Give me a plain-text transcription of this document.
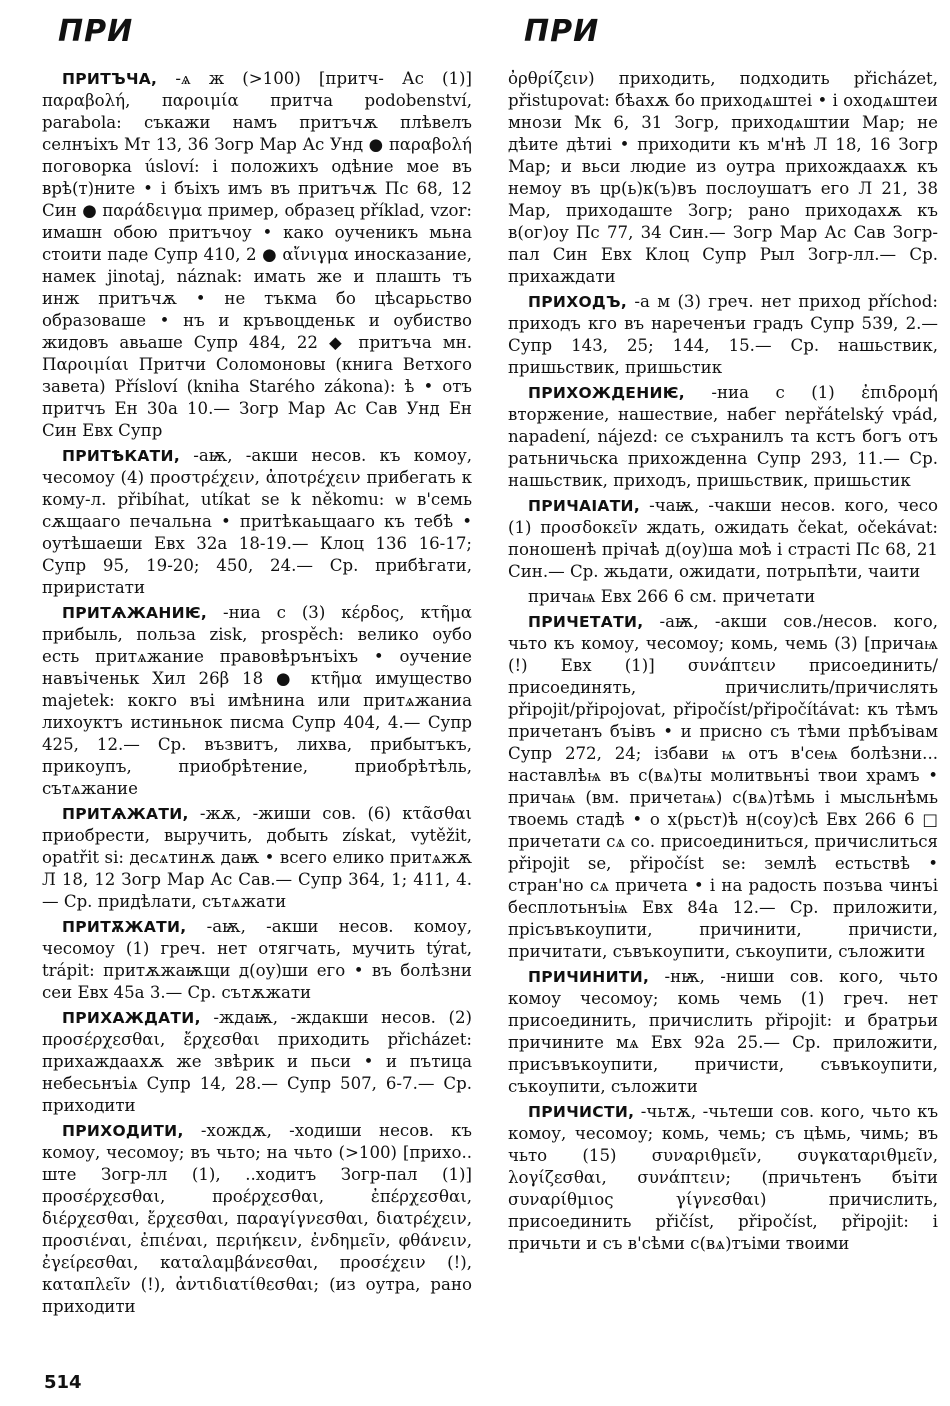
ПРИ	ПРИ

ПРИТЪЧА, -ѧ ж (>100) [притч- Ас (1)] παραβολή, παροιμία притча podobenství, parabola: съкажи намъ притъчѫ плѣвелъ селнъіхъ Мт 13, 36 Зогр Мар Ас Унд ● παραβολή поговорка úsloví: і положихъ одѣние мое въ врѣ(т)ните • і бъіхъ имъ въ притъчѫ Пс 68, 12 Син ● παράδειγμα пример, образец příklad, vzor: имашн обою притъчоу • како оученикъ мьна стоити паде Супр 410, 2 ● αἴνιγμα иносказание, намек jinotaj, náznak: имать же и плашть тъ инж притъчѫ • не тъкма бо цѣсарьство образоваше • нъ и кръвоцденьк и оубиство жидовъ авьаше Супр 484, 22 ◆ притъча мн. Παροιμίαι Притчи Соломоновы (книга Ветхого завета) Přísloví (kniha Starého zákona): ѣ • отъ притчъ Ен 30а 10.— Зогр Мар Ас Сав Унд Ен Син Евх Супр

ПРИТѢКАТИ, -аѭ, -акши несов. къ комоу, чесомоу (4) προστρέχειν, ἀποτρέχειν прибегать к кому-л. přibíhat, utíkat se k někomu: ѡ в'семь сѫщааго печальна • притѣкаьщааго къ тебѣ • оутѣшаеши Евх 32а 18-19.— Клоц 136 16-17; Супр 95, 19-20; 450, 24.— Ср. прибѣгати, приристати

ПРИТѦЖАНИѤ, -ниа с (3) κέρδος, κτῆμα прибыль, польза zisk, prospěch: велико оубо есть притѧжание правовѣрънъіхъ • оучение навъіченьк Хил 26β 18 ● κτῆμα имущество majetek: кокго въі имѣнина или притѧжаниа лихоуктъ истиньнок писма Супр 404, 4.— Супр 425, 12.— Ср. възвитъ, лихва, прибытъкъ, прикоупъ, приобрѣтение, приобрѣтѣль, сътѧжание

ПРИТѦЖАТИ, -жѫ, -жиши сов. (6) κτᾶσθαι приобрести, выручить, добыть získat, vytěžit, opatřit si: десѧтинѫ даѭ • всего елико притѧжѫ Л 18, 12 Зогр Мар Ас Сав.— Супр 364, 1; 411, 4.— Ср. придѣлати, сътѧжати

ПРИТѪЖАТИ, -аѭ, -акши несов. комоу, чесомоу (1) греч. нет отягчать, мучить týrat, trápit: притѫжаѭщи д(оу)ши его • въ болѣзни сеи Евх 45а 3.— Ср. сътѫжати

ПРИХАЖДАТИ, -ждаѭ, -ждакши несов. (2) προσέρχεσθαι, ἔρχεσθαι приходить přicházet: прихаждаахѫ же звѣрик и пьси • и пътица небесьнъіѧ Супр 14, 28.— Супр 507, 6-7.— Ср. приходити

ПРИХОДИТИ, -хождѫ, -ходиши несов. къ комоу, чесомоу; въ чьто; на чьто (>100) [прихо.. ште Зогр-лл (1), ..ходитъ Зогр-пал (1)] προσέρχεσθαι, προέρχεσθαι, ἐπέρχεσθαι, διέρχεσθαι, ἔρχεσθαι, παραγίγνεσθαι, διατρέχειν, προσιέναι, ἐπιέναι, περιήκειν, ἐνδημεῖν, φθάνειν, ἐγείρεσθαι, καταλαμβάνεσθαι, προσέχειν (!), καταπλεῖν (!), ἀντιδιατίθεσθαι; (из оутра, рано приходити

ὀρθρίζειν) приходить, подходить přicházet, přistupovat: бѣахѫ бо приходѧштеі • і оходѧштеи мнози Мк 6, 31 Зогр, приходѧштии Мар; не дѣите дѣтиі • приходити къ м'нѣ Л 18, 16 Зогр Мар; и вьси людие из оутра прихождаахѫ къ немоу въ цр(ь)к(ъ)въ послоушатъ его Л 21, 38 Мар, приходаште Зогр; рано приходахѫ къ в(ог)оу Пс 77, 34 Син.— Зогр Мар Ас Сав Зогр-пал Син Евх Клоц Супр Рыл Зогр-лл.— Ср. прихаждати

ПРИХОДЪ, -а м (3) греч. нет приход příchod: приходъ кго въ нареченъи градъ Супр 539, 2.— Супр 143, 25; 144, 15.— Ср. нашьствик, пришьствик, пришьстик

ПРИХОЖДЕНИѤ, -ниа с (1) ἐπιδρομή вторжение, нашествие, набег nepřátelský vpád, napadení, nájezd: се съхранилъ та кстъ богъ отъ ратьничьска прихожденна Супр 293, 11.— Ср. нашьствик, приходъ, пришьствик, пришьстик

ПРИЧАІАТИ, -чаѭ, -чакши несов. кого, чесо (1) προσδοκεῖν ждать, ожидать čekat, očekávat: поношенѣ прічаѣ д(оу)ша моѣ і страсті Пс 68, 21 Син.— Ср. жьдати, ожидати, потрьпѣти, чаити

причаѩ Евх 266 6 см. причетати

ПРИЧЕТАТИ, -аѭ, -акши сов./несов. кого, чьто къ комоу, чесомоу; комь, чемь (3) [причаѩ (!) Евх (1)] συνάπτειν присоединить/присоединять, причислить/причислять připojit/připojovat, připočíst/připočítávat: къ тѣмъ причетанъ бъівъ • и присно съ тѣми прѣбъівам Супр 272, 24; ізбави ѩ отъ в'сеѩ болѣзни... наставлѣѩ въ с(вѧ)ты молитвьнъі твои храмъ • причаѩ (вм. причетаѩ) с(вѧ)тѣмь і мысльнѣмь твоемь стадѣ • о х(рьст)ѣ н(соу)сѣ Евх 266 6 □ причетати сѧ со. присоединиться, причислиться připojit se, připočíst se: землѣ естьствѣ • стран'но сѧ причета • і на радость позъва чинъі бесплотьнъіѩ Евх 84а 12.— Ср. приложити, прісъвъкоупити, причинити, причисти, причитати, съвъкоупити, съкоупити, съложити

ПРИЧИНИТИ, -нѭ, -ниши сов. кого, чьто комоу чесомоу; комь чемь (1) греч. нет присоединить, причислить připojit: и братрьи причините мѧ Евх 92а 25.— Ср. приложити, присъвъкоупити, причисти, съвъкоупити, съкоупити, съложити

ПРИЧИСТИ, -чьтѫ, -чьтеши сов. кого, чьто къ комоу, чесомоу; комь, чемь; съ цѣмь, чимь; въ чьто (15) συναριθμεῖν, συγκαταριθμεῖν, λογίζεσθαι, συνάπτειν; (причьтенъ бъіти συναρίθμιος γίγνεσθαι) причислить, присоединить přičíst, připočíst, připojit: і причьти и съ в'сѣми с(вѧ)тъіми твоими

514
